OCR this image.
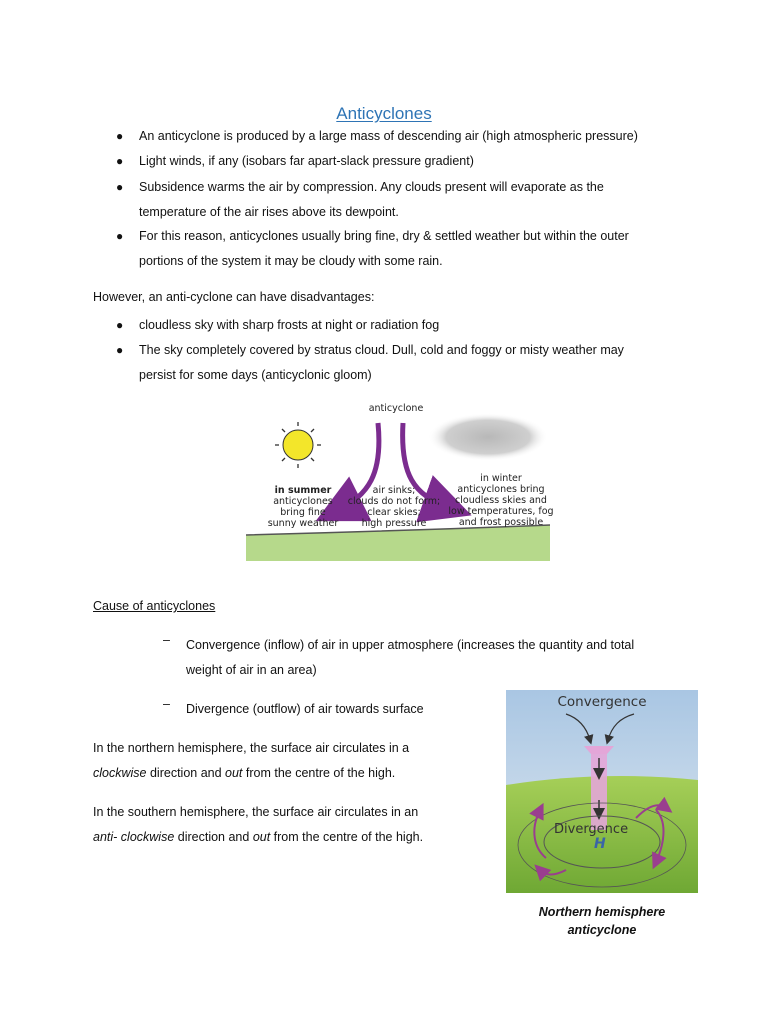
Anticyclones
● An anticyclone is produced by a large mass of descending air (high atmospheric pressure)
● Light winds, if any (isobars far apart-slack pressure gradient)
● Subsidence warms the air by compression. Any clouds present will evaporate as the
temperature of the air rises above its dewpoint.
● For this reason, anticyclones usually bring fine, dry & settled weather but within the outer
portions of the system it may be cloudy with some rain.
However, an anti-cyclone can have disadvantages:
● cloudless sky with sharp frosts at night or radiation fog
● The sky completely covered by stratus cloud. Dull, cold and foggy or misty weather may
persist for some days (anticyclonic gloom)
anticyclone
in summer
anticyclones
bring fine
sunny weather
air sinks;
clouds do not form;
clear skies;
high pressure
in winter
anticyclones bring
cloudless skies and
low temperatures, fog
and frost possible
Cause of anticyclones
– Convergence (inflow) of air in upper atmosphere (increases the quantity and total
weight of air in an area)
– Divergence (outflow) of air towards surface
In the northern hemisphere, the surface air circulates in a
clockwise direction and out from the centre of the high.
In the southern hemisphere, the surface air circulates in an
anti- clockwise direction and out from the centre of the high.
Convergence
Divergence
H
Northern hemisphere
anticyclone
